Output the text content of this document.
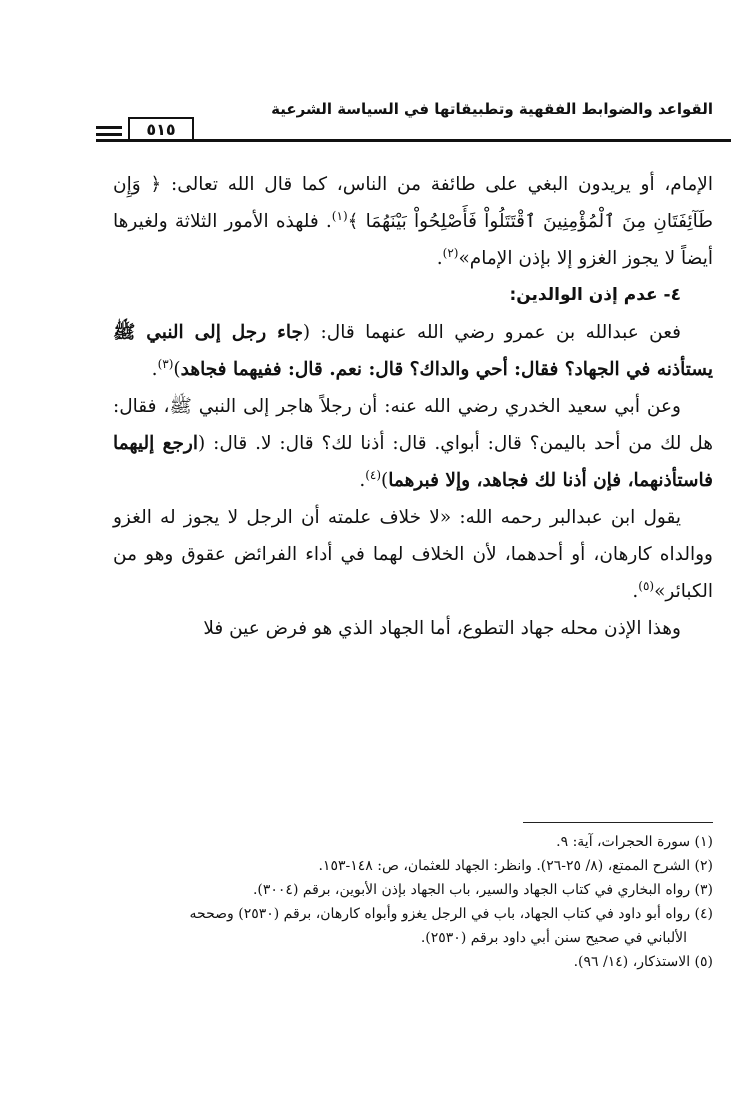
القواعد والضوابط الفقهية وتطبيقاتها في السياسة الشرعية
٥١٥

الإمام، أو يريدون البغي على طائفة من الناس، كما قال الله تعالى: ﴿ وَإِن طَآئِفَتَانِ مِنَ ٱلْمُؤْمِنِينَ ٱقْتَتَلُواْ فَأَصْلِحُواْ بَيْنَهُمَا ﴾$^{(١)}$. فلهذه الأمور الثلاثة ولغيرها أيضاً لا يجوز الغزو إلا بإذن الإمام»$^{(٢)}$.

٤- عدم إذن الوالدين:

فعن عبدالله بن عمرو رضي الله عنهما قال: (جاء رجل إلى النبي ﷺ يستأذنه في الجهاد؟ فقال: أحي والداك؟ قال: نعم. قال: ففيهما فجاهد)$^{(٣)}$.

وعن أبي سعيد الخدري رضي الله عنه: أن رجلاً هاجر إلى النبي ﷺ، فقال: هل لك من أحد باليمن؟ قال: أبواي. قال: أذنا لك؟ قال: لا. قال: (ارجع إليهما فاستأذنهما، فإن أذنا لك فجاهد، وإلا فبرهما)$^{(٤)}$.

يقول ابن عبدالبر رحمه الله: «لا خلاف علمته أن الرجل لا يجوز له الغزو ووالداه كارهان، أو أحدهما، لأن الخلاف لهما في أداء الفرائض عقوق وهو من الكبائر»$^{(٥)}$.

وهذا الإذن محله جهاد التطوع، أما الجهاد الذي هو فرض عين فلا

(١) سورة الحجرات، آية: ٩.

(٢) الشرح الممتع، (٨/ ٢٥-٢٦). وانظر: الجهاد للعثمان، ص: ١٤٨-١٥٣.

(٣) رواه البخاري في كتاب الجهاد والسير، باب الجهاد بإذن الأبوين، برقم (٣٠٠٤).

(٤) رواه أبو داود في كتاب الجهاد، باب في الرجل يغزو وأبواه كارهان، برقم (٢٥٣٠) وصححه

الألباني في صحيح سنن أبي داود برقم (٢٥٣٠).

(٥) الاستذكار، (١٤/ ٩٦).
